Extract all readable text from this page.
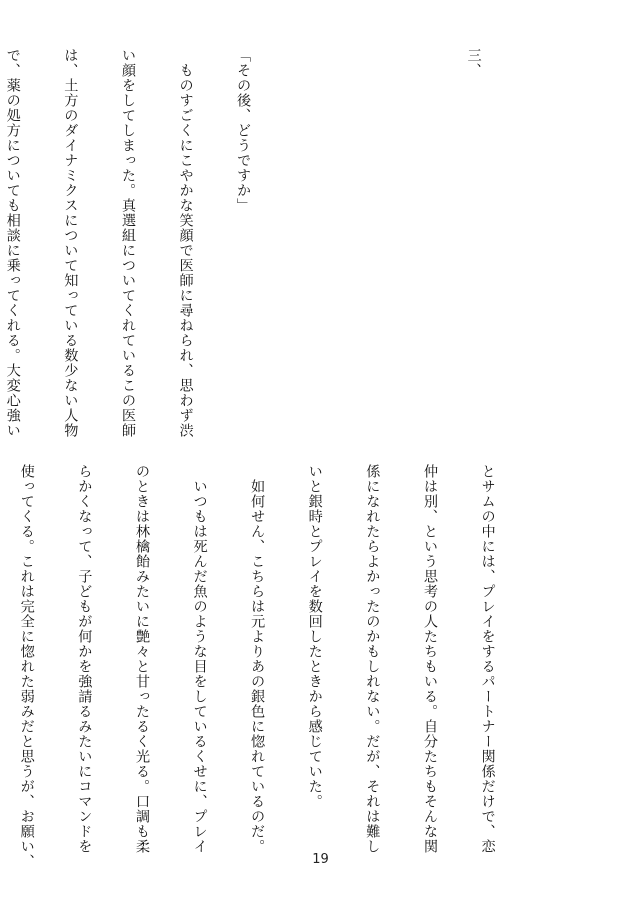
三、

「その後、どうですか」

　ものすごくにこやかな笑顔で医師に尋ねられ、思わず渋

い顔をしてしまった。真選組についてくれているこの医師

は、土方のダイナミクスについて知っている数少ない人物

で、薬の処方についても相談に乗ってくれる。大変心強い

とサムの中には、プレイをするパートナー関係だけで、恋

仲は別、という思考の人たちもいる。自分たちもそんな関

係になれたらよかったのかもしれない。だが、それは難し

いと銀時とプレイを数回したときから感じていた。

　如何せん、こちらは元よりあの銀色に惚れているのだ。

　いつもは死んだ魚のような目をしているくせに、プレイ

のときは林檎飴みたいに艶々と甘ったるく光る。口調も柔

らかくなって、子どもが何かを強請るみたいにコマンドを

使ってくる。これは完全に惚れた弱みだと思うが、お願い、

	19
